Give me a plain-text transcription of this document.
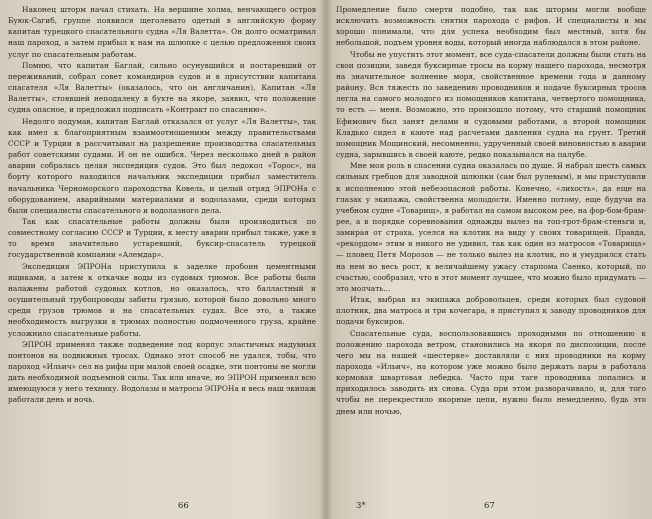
Наконец шторм начал стихать. На вершине холма, венчающего остров Буюк-Сагиб, группе появился щеголевато одетый в английскую форму капитан турецкого спасательного судна «Ля Валетта». Он долго осматривал наш пароход, а затем прибыл к нам на шлюпке с целью предложения своих услуг по спасательным работам.

Помню, что капитан Баглай, сильно осунувшийся и постаревший от переживаний, собрал совет командиров судов и в присутствии капитана спасателя «Ля Валетты» (оказалось, что он англичанин), Капитан «Ля Валетты», стоявшей неподалеку в бухте на якоре, заявил, что положение судна опасное, и предложил подписать «Контракт по спасанию».

Недолго подумав, капитан Баглай отказался от услуг «Ля Валетты», так как имел к благоприятным взаимоотношениям между правительствами СССР и Турции в рассчитывал на разрешение производства спасательных работ советскими судами. И он не ошибся. Через несколько дней в район аварии собралась целая экспедиция судов. Это был ледокол «Торос», на борту которого находился начальник экспедиции прибыл заместитель начальника Черноморского пароходства Ковель, и целый отряд ЭПРОНа с оборудованием, аварийными материалами и водолазами, среди которых были специалисты спасательного и водолазного дела.

Так как спасательные работы должны были производиться по совместному согласию СССР и Турции, к месту аварии прибыл также, уже в то время значительно устаревший, буксир-спасатель турецкой государственной компании «Алемдар».

Экспедиция ЭПРОНа приступила к заделке пробоин цементными ящиками, а затем к откачке воды из судовых трюмов. Все работы были налажены работой судовых котлов, но оказалось, что балластный и осушительный трубопроводы забиты грязью, которой было довольно много среди грузов трюмов и на спасательных судах. Все это, а также необходимость выгрузки в трюмах полностью подмоченного груза, крайне усложнило спасательные работы.

ЭПРОН применял также подведение под корпус эластичных надувных понтонов на подвижных тросах. Однако этот способ не удался, тобы, что пароход «Ильич» сел на рифы при малой своей осадке, эти понтоны не могли дать необходимой подъемной силы. Так или иначе, но ЭПРОН применял всю имеющуюся у него технику. Водолазы и матросы ЭПРОНа и весь наш экипаж работали день и ночь.

66

Промедление было смерти подобно, так как штормы могли вообще исключить возможность снятия парохода с рифов. И специалисты и мы хорошо понимали, что для успеха необходим был местный, хотя бы небольшой, подъем уровня воды, который иногда наблюдался в этом районе.

Чтобы не упустить этот момент, все суда-спасатели должны были стать на свои позиции, заведя буксирные тросы на корму нашего парохода, несмотря на значительное волнение моря, свойственное времени года и данному району. Вся тяжесть по заведению проводников и подаче буксирных тросов легла на самого молодого из помощников капитана, четвертого помощника, то есть — меня. Возможно, это произошло потому, что старший помощник Ефимович был занят делами и судовыми работами, а второй помощник Кладько сидел в каюте над расчетами давления судна на грунт. Третий помощник Мощинский, несомненно, удрученный своей виновностью в аварии судна, зарывшись в своей каюте, редко показывался на палубе.

Мне моя роль в спасении судна оказалась по душе. Я набрал шесть самых сильных гребцов для заводной шлюпки (сам был рулевым), и мы приступили к исполнению этой небезопасной работы. Конечно, «лихость», да еще на глазах у экипажа, свойственна молодости. Именно потому, еще будучи на учебном судне «Товарищ», я работал на самом высоком рее, на фор-бом-брам-рее, а в порядке соревнования однажды вылез на топ-грот-брам-стеньги и, замирая от страха, уселся на клотик на виду у своих товарищей. Правда, «рекордом» этим я никого не удивил, так как один из матросов «Товарища» — пловец Петя Морозов — не только вылез на клотик, но и умудрился стать на нем во весь рост, к величайшему ужасу старпома Саенко, который, по счастью, сообразил, что в этот момент лучшее, что можно было придумать — это молчать...

Итак, выбрав из экипажа добровольцев, среди которых был судовой плотник, два матроса и три кочегара, я приступил к заводу проводников для подачи буксиров.

Спасательные суда, воспользовавшись проходными по отношению к положению парохода ветром, становились на якоря по диспозиции, после чего мы на нашей «шестерке» доставляли с них проводники на корму парохода «Ильич», на котором уже можно было держать пары в работала кормовая швартовая лебедка. Часто при таге проводника лопались и приходилось заводить их снова. Суда при этом разворачивало, и, для того чтобы не перекрестило якорные цепи, нужно было немедленно, будь это днем или ночью,

3*	67
